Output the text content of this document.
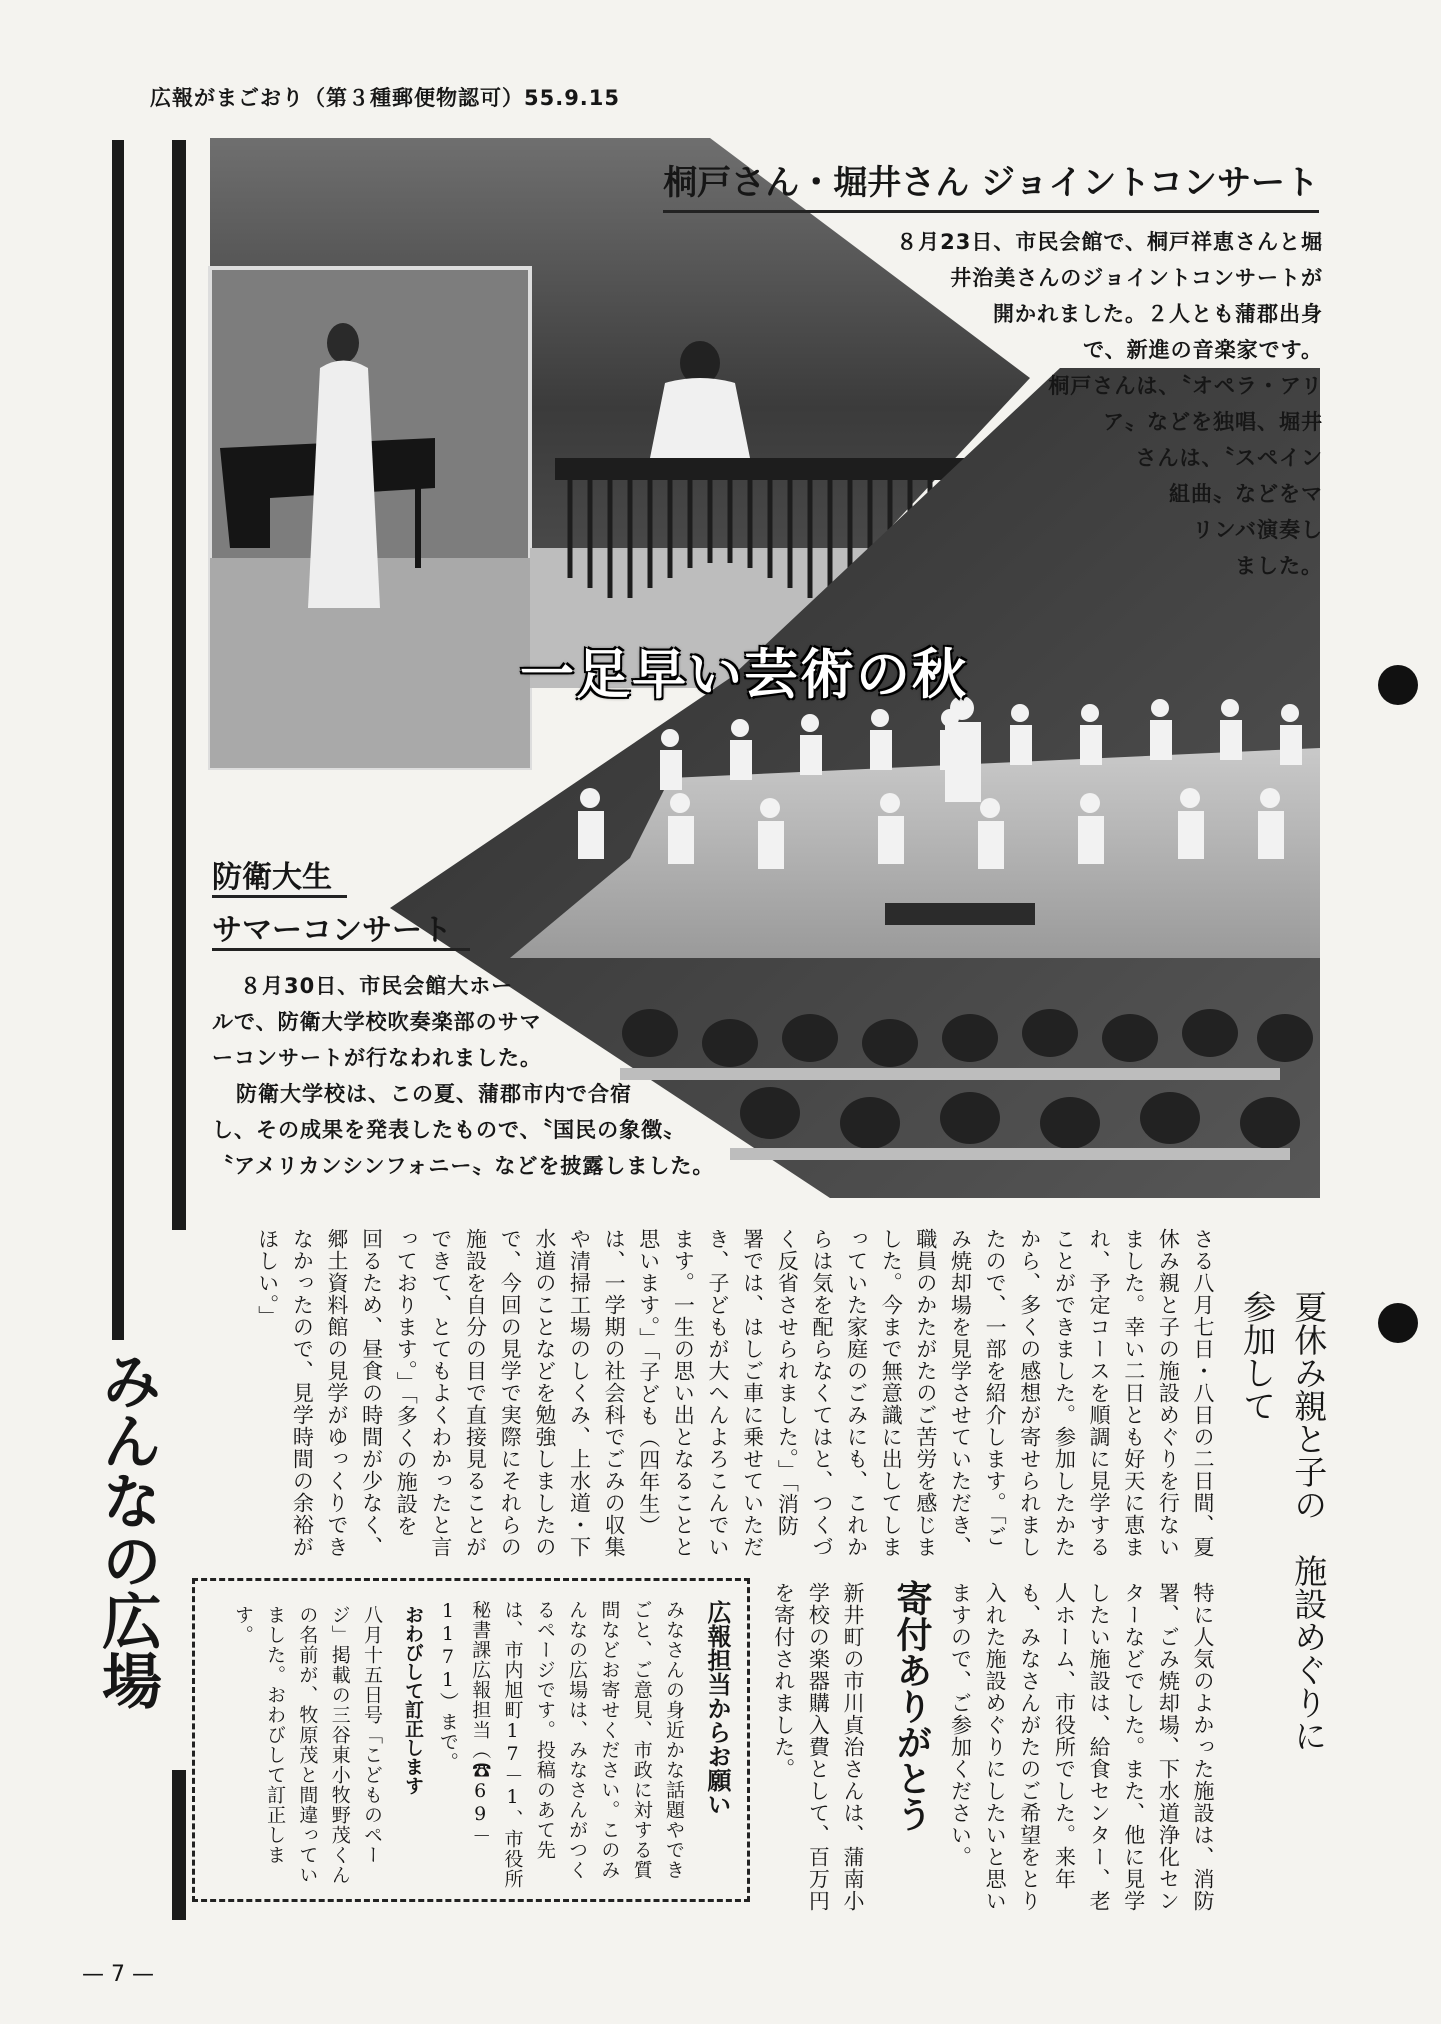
広報がまごおり（第３種郵便物認可）55.9.15
桐戸さん・堀井さん ジョイントコンサート
８月23日、市民会館で、桐戸祥恵さんと堀
井治美さんのジョイントコンサートが
開かれました。２人とも蒲郡出身
で、新進の音楽家です。
桐戸さんは、〝オペラ・アリ
ア〟などを独唱、堀井
さんは、〝スペイン
組曲〟などをマ
リンバ演奏し
ました。
一足早い芸術の秋
防衛大生
サマーコンサート
８月30日、市民会館大ホー
ルで、防衛大学校吹奏楽部のサマ
ーコンサートが行なわれました。
防衛大学校は、この夏、蒲郡市内で合宿
し、その成果を発表したもので、〝国民の象徴〟
〝アメリカンシンフォニー〟などを披露しました。
夏休み親と子の　施設めぐりに参加して
さる八月七日・八日の二日間、夏休み親と子の施設めぐりを行ないました。幸い二日とも好天に恵まれ、予定コースを順調に見学することができました。参加したかたから、多くの感想が寄せられましたので、一部を紹介します。「ごみ焼却場を見学させていただき、職員のかたがたのご苦労を感じました。今まで無意識に出してしまっていた家庭のごみにも、これからは気を配らなくてはと、つくづく反省させられました。」「消防署では、はしご車に乗せていただき、子どもが大へんよろこんでいます。一生の思い出となることと思います。」「子ども（四年生）は、一学期の社会科でごみの収集や清掃工場のしくみ、上水道・下水道のことなどを勉強しましたので、今回の見学で実際にそれらの施設を自分の目で直接見ることができて、とてもよくわかったと言っております。」「多くの施設を回るため、昼食の時間が少なく、郷土資料館の見学がゆっくりできなかったので、見学時間の余裕がほしい。」
特に人気のよかった施設は、消防署、ごみ焼却場、下水道浄化センターなどでした。また、他に見学したい施設は、給食センター、老人ホーム、市役所でした。来年も、みなさんがたのご希望をとり入れた施設めぐりにしたいと思いますので、ご参加ください。
寄付ありがとう
新井町の市川貞治さんは、蒲南小学校の楽器購入費として、百万円を寄付されました。
広報担当からお願い
みなさんの身近かな話題やできごと、ご意見、市政に対する質問などお寄せください。このみんなの広場は、みなさんがつくるページです。投稿のあて先は、市内旭町17－1、市役所秘書課広報担当（☎69－1171）まで。
おわびして訂正します
八月十五日号「こどものページ」掲載の三谷東小牧野茂くんの名前が、牧原茂と間違っていました。おわびして訂正します。
みんなの広場
— 7 —
